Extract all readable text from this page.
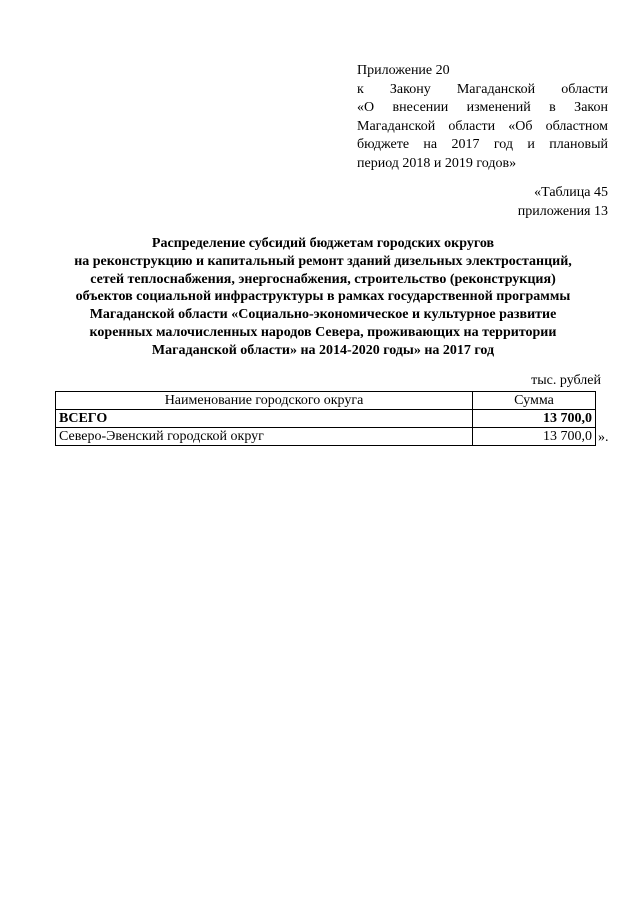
Приложение 20
к Закону Магаданской области
«О внесении изменений в Закон
Магаданской области «Об областном
бюджете на 2017 год и плановый
период 2018 и 2019 годов»
«Таблица 45
приложения 13
Распределение субсидий бюджетам городских округов
на реконструкцию и капитальный ремонт зданий дизельных электростанций,
сетей теплоснабжения, энергоснабжения, строительство (реконструкция)
объектов социальной инфраструктуры в рамках государственной программы
Магаданской области «Социально-экономическое и культурное развитие
коренных малочисленных народов Севера, проживающих на территории
Магаданской области» на 2014-2020 годы» на 2017 год
тыс. рублей
Наименование городского округа	Сумма
ВСЕГО	13 700,0
Северо-Эвенский городской округ	13 700,0 ».
